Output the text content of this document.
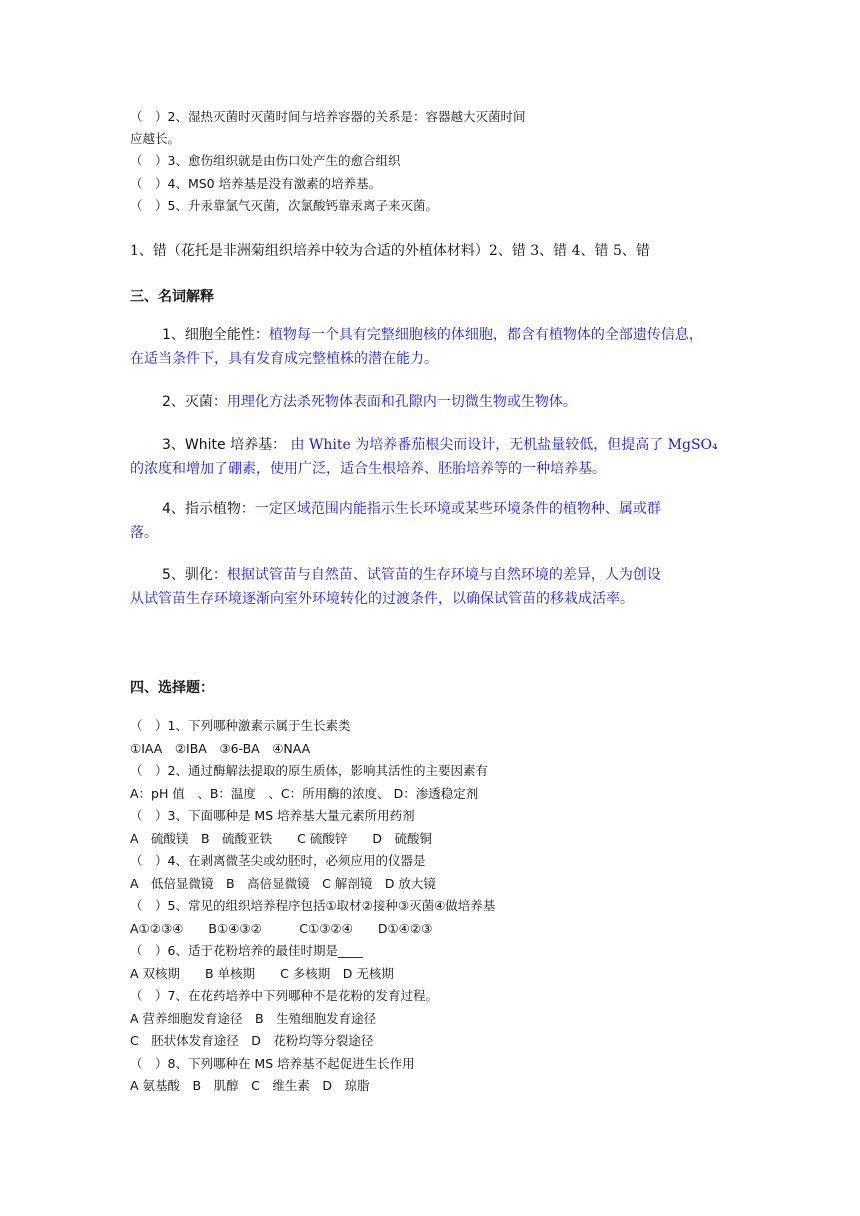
（　）2、湿热灭菌时灭菌时间与培养容器的关系是：容器越大灭菌时间
应越长。
（　）3、愈伤组织就是由伤口处产生的愈合组织
（　）4、MS0 培养基是没有激素的培养基。
（　）5、升汞靠氯气灭菌，次氯酸钙靠汞离子来灭菌。
1、错（花托是非洲菊组织培养中较为合适的外植体材料）2、错 3、错 4、错 5、错
三、名词解释
1、细胞全能性：植物每一个具有完整细胞核的体细胞，都含有植物体的全部遗传信息，
在适当条件下，具有发育成完整植株的潜在能力。
2、灭菌：用理化方法杀死物体表面和孔隙内一切微生物或生物体。
3、White 培养基： 由 White 为培养番茄根尖而设计，无机盐量较低，但提高了 MgSO₄
的浓度和增加了硼素，使用广泛，适合生根培养、胚胎培养等的一种培养基。
4、指示植物：一定区域范围内能指示生长环境或某些环境条件的植物种、属或群
落。
5、驯化：根据试管苗与自然苗、试管苗的生存环境与自然环境的差异，人为创设
从试管苗生存环境逐渐向室外环境转化的过渡条件，以确保试管苗的移栽成活率。
四、选择题：
（　）1、下列哪种激素示属于生长素类
①IAA　②IBA　③6-BA　④NAA
（　）2、通过酶解法提取的原生质体，影响其活性的主要因素有
A：pH 值　、B：温度　、C：所用酶的浓度、 D：渗透稳定剂
（　）3、下面哪种是 MS 培养基大量元素所用药剂
A　硫酸镁　B　硫酸亚铁　　C 硫酸锌　　D　硫酸铜
（　）4、在剥离微茎尖或幼胚时，必须应用的仪器是
A　低倍显微镜　B　高倍显微镜　C 解剖镜　D 放大镜
（　）5、常见的组织培养程序包括①取材②接种③灭菌④做培养基
A①②③④　　B①④③②　　　C①③②④　　D①④②③
（　）6、适于花粉培养的最佳时期是____
A 双核期　　B 单核期　　C 多核期　D 无核期
（　）7、在花药培养中下列哪种不是花粉的发育过程。
A 营养细胞发育途径　B　生殖细胞发育途径
C　胚状体发育途径　D　花粉均等分裂途径
（　）8、下列哪种在 MS 培养基不起促进生长作用
A 氨基酸　B　肌醇　C　维生素　D　琼脂
